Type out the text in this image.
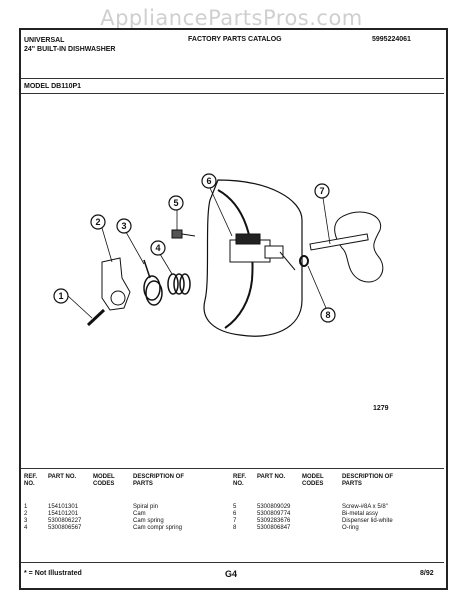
AppliancePartsPros.com
UNIVERSAL
24" BUILT-IN DISHWASHER
FACTORY PARTS CATALOG	5995224061
MODEL DB110P1
1
2 3
4
5
6
7
8
1279
REF. NO.	PART NO.	MODEL CODES	DESCRIPTION OF PARTS

1	154101301		Spiral pin
2	154101201		Cam
3	5300806227		Cam spring
4	5300806567		Cam compr spring
REF. NO.	PART NO.	MODEL CODES	DESCRIPTION OF PARTS

5	5300809029		Screw-#8A x 5/8"
6	5300809774		Bi-metal assy
7	5309283676		Dispenser lid-white
8	5300806847		O-ring
* = Not Illustrated	G4	8/92
